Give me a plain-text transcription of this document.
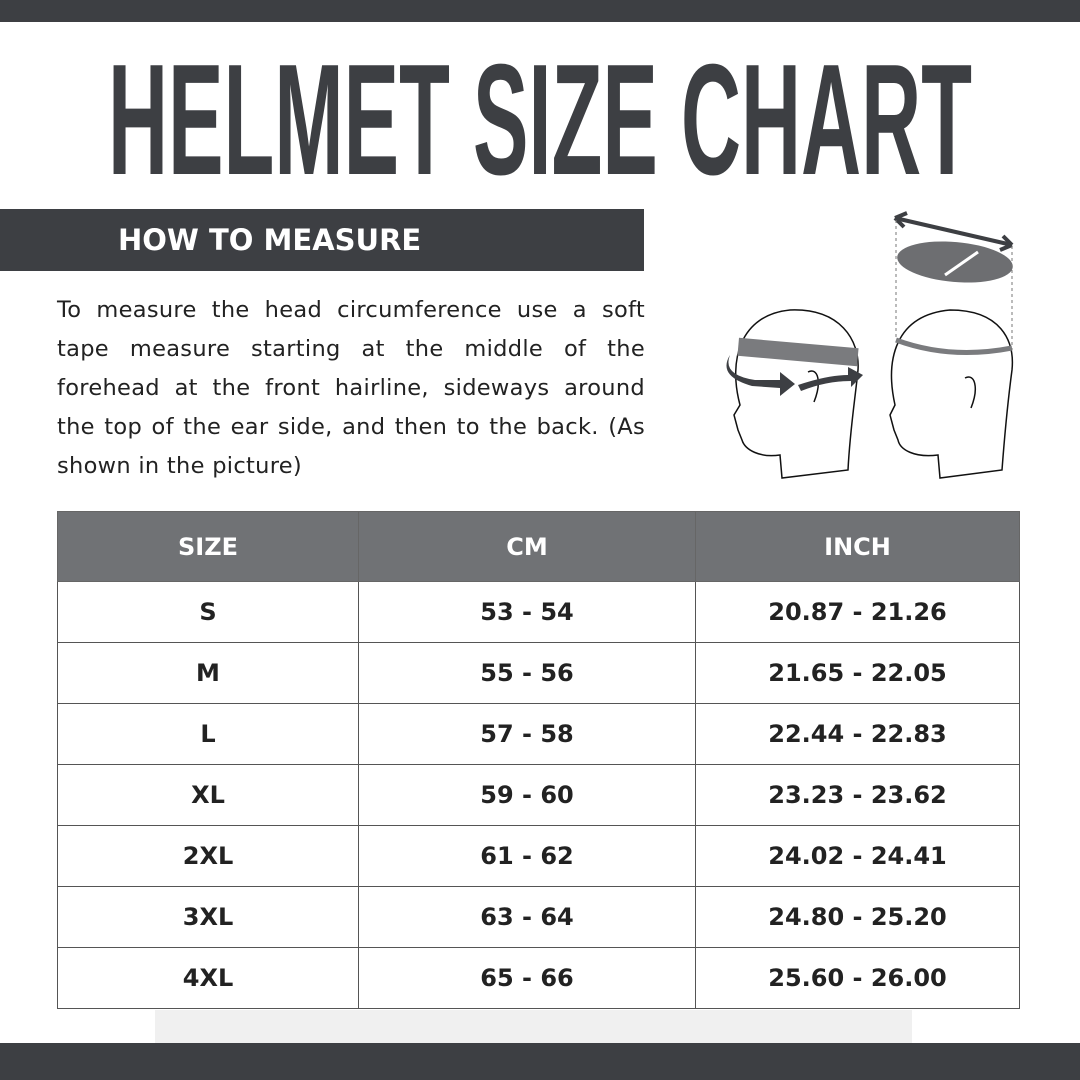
HELMET SIZE CHART
HOW TO MEASURE

To measure the head circumference use a soft tape measure starting at the middle of the forehead at the front hairline, sideways around the top of the ear side, and then to the back. (As shown in the picture)

SIZE	CM	INCH
S	53 - 54	20.87 - 21.26
M	55 - 56	21.65 - 22.05
L	57 - 58	22.44 - 22.83
XL	59 - 60	23.23 - 23.62
2XL	61 - 62	24.02 - 24.41
3XL	63 - 64	24.80 - 25.20
4XL	65 - 66	25.60 - 26.00
